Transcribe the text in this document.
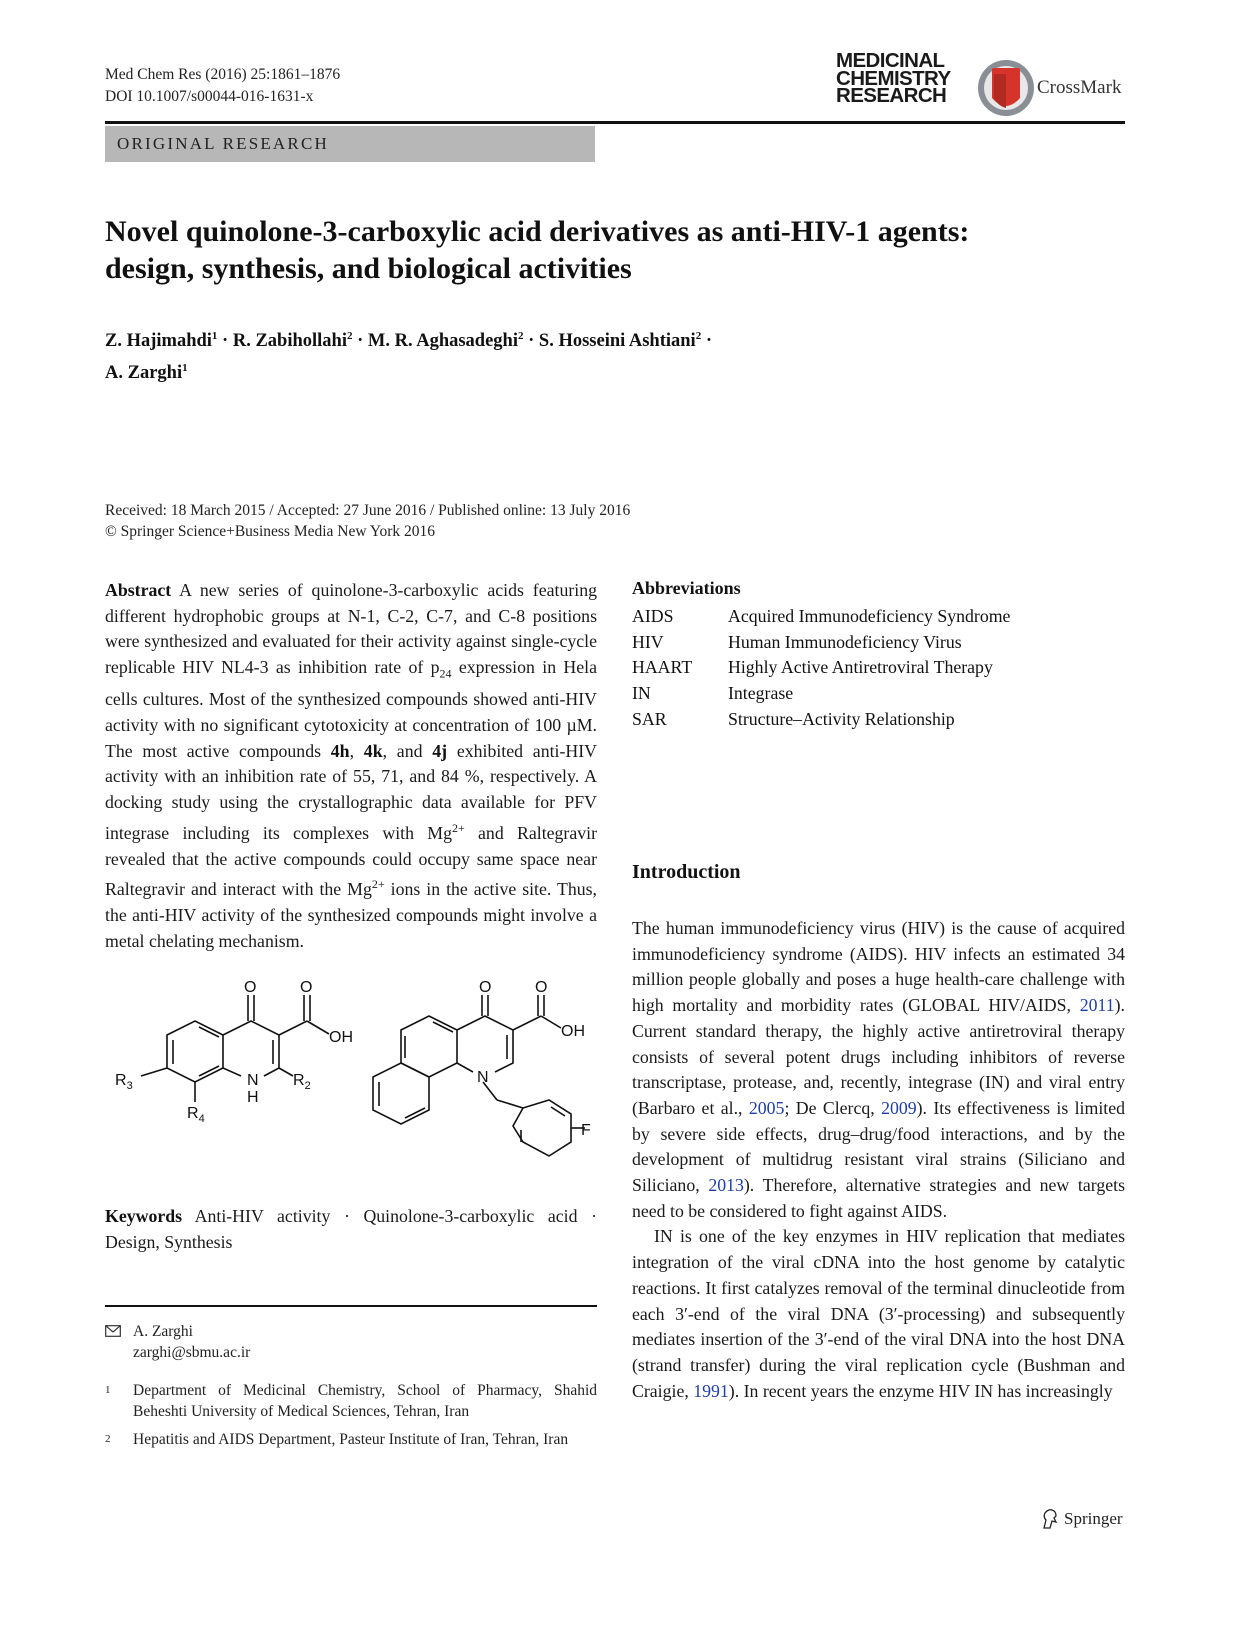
Med Chem Res (2016) 25:1861–1876
DOI 10.1007/s00044-016-1631-x
MEDICINAL
CHEMISTRY
RESEARCH	CrossMark
ORIGINAL RESEARCH
Novel quinolone-3-carboxylic acid derivatives as anti-HIV-1 agents:
design, synthesis, and biological activities
Z. Hajimahdi$^1$ · R. Zabihollahi$^2$ · M. R. Aghasadeghi$^2$ · S. Hosseini Ashtiani$^2$ ·
A. Zarghi$^1$
Received: 18 March 2015 / Accepted: 27 June 2016 / Published online: 13 July 2016
© Springer Science+Business Media New York 2016
Abstract A new series of quinolone-3-carboxylic acids featuring different hydrophobic groups at N-1, C-2, C-7, and C-8 positions were synthesized and evaluated for their activity against single-cycle replicable HIV NL4-3 as inhibition rate of $p_{24}$ expression in Hela cells cultures. Most of the synthesized compounds showed anti-HIV activity with no significant cytotoxicity at concentration of 100 µM. The most active compounds 4h, 4k, and 4j exhibited anti-HIV activity with an inhibition rate of 55, 71, and 84 %, respectively. A docking study using the crystallographic data available for PFV integrase including its complexes with $Mg^{2+}$ and Raltegravir revealed that the active compounds could occupy same space near Raltegravir and interact with the $Mg^{2+}$ ions in the active site. Thus, the anti-HIV activity of the synthesized compounds might involve a metal chelating mechanism.
O	O
OH
N
H
$R_2$
$R_3$
$R_4$
O	O
OH
N
F
Keywords Anti-HIV activity · Quinolone-3-carboxylic acid · Design, Synthesis
A. Zarghi
zarghi@sbmu.ac.ir
$^1$	Department of Medicinal Chemistry, School of Pharmacy, Shahid Beheshti University of Medical Sciences, Tehran, Iran
$^2$	Hepatitis and AIDS Department, Pasteur Institute of Iran, Tehran, Iran
Abbreviations
AIDS	Acquired Immunodeficiency Syndrome
HIV	Human Immunodeficiency Virus
HAART	Highly Active Antiretroviral Therapy
IN	Integrase
SAR	Structure–Activity Relationship
Introduction

The human immunodeficiency virus (HIV) is the cause of acquired immunodeficiency syndrome (AIDS). HIV infects an estimated 34 million people globally and poses a huge health-care challenge with high mortality and morbidity rates (GLOBAL HIV/AIDS, 2011). Current standard therapy, the highly active antiretroviral therapy consists of several potent drugs including inhibitors of reverse transcriptase, protease, and, recently, integrase (IN) and viral entry (Barbaro et al., 2005; De Clercq, 2009). Its effectiveness is limited by severe side effects, drug–drug/food interactions, and by the development of multidrug resistant viral strains (Siliciano and Siliciano, 2013). Therefore, alternative strategies and new targets need to be considered to fight against AIDS.

IN is one of the key enzymes in HIV replication that mediates integration of the viral cDNA into the host genome by catalytic reactions. It first catalyzes removal of the terminal dinucleotide from each 3′-end of the viral DNA (3′-processing) and subsequently mediates insertion of the 3′-end of the viral DNA into the host DNA (strand transfer) during the viral replication cycle (Bushman and Craigie, 1991). In recent years the enzyme HIV IN has increasingly

Springer
